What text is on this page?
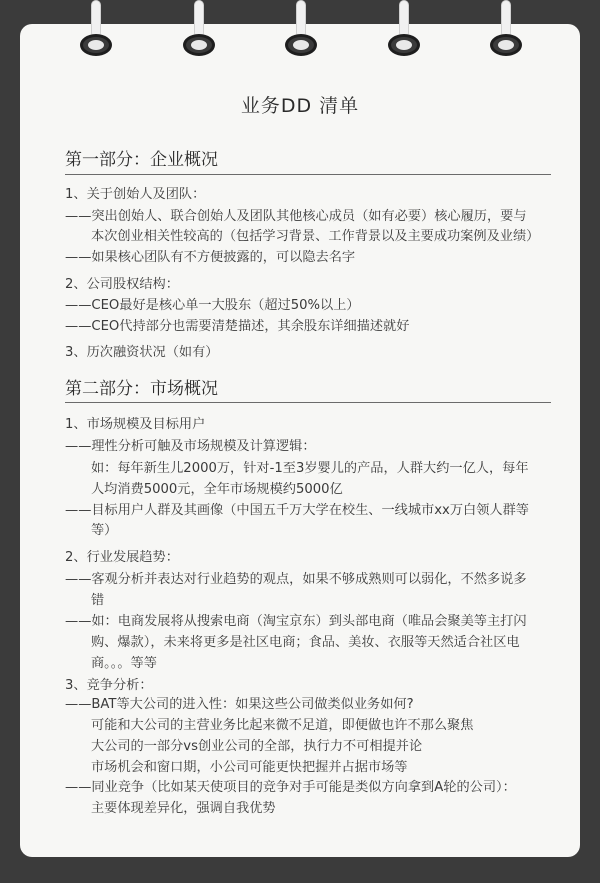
业务DD 清单
第一部分：企业概况
1、关于创始人及团队：
——突出创始人、联合创始人及团队其他核心成员（如有必要）核心履历，要与
本次创业相关性较高的（包括学习背景、工作背景以及主要成功案例及业绩）
——如果核心团队有不方便披露的，可以隐去名字
2、公司股权结构：
——CEO最好是核心单一大股东（超过50%以上）
——CEO代持部分也需要清楚描述，其余股东详细描述就好
3、历次融资状况（如有）
第二部分：市场概况
1、市场规模及目标用户
——理性分析可触及市场规模及计算逻辑：
如：每年新生儿2000万，针对-1至3岁婴儿的产品，人群大约一亿人，每年
人均消费5000元，全年市场规模约5000亿
——目标用户人群及其画像（中国五千万大学在校生、一线城市xx万白领人群等
等）
2、行业发展趋势：
——客观分析并表达对行业趋势的观点，如果不够成熟则可以弱化，不然多说多
错
——如：电商发展将从搜索电商（淘宝京东）到头部电商（唯品会聚美等主打闪
购、爆款），未来将更多是社区电商；食品、美妆、衣服等天然适合社区电
商。。。等等
3、竞争分析：
——BAT等大公司的进入性：如果这些公司做类似业务如何?
可能和大公司的主营业务比起来微不足道，即便做也许不那么聚焦
大公司的一部分vs创业公司的全部，执行力不可相提并论
市场机会和窗口期，小公司可能更快把握并占据市场等
——同业竞争（比如某天使项目的竞争对手可能是类似方向拿到A轮的公司）：
主要体现差异化，强调自我优势
